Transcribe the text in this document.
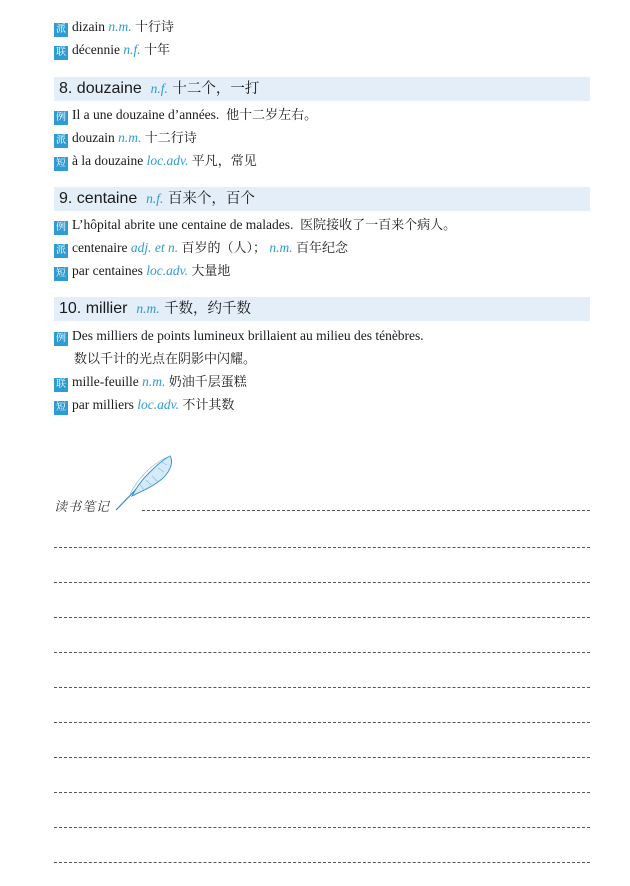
派 dizain n.m. 十行诗
联 décennie n.f. 十年
8. douzaine n.f. 十二个，一打
例 Il a une douzaine d’années. 他十二岁左右。
派 douzain n.m. 十二行诗
短 à la douzaine loc.adv. 平凡，常见
9. centaine n.f. 百来个，百个
例 L’hôpital abrite une centaine de malades. 医院接收了一百来个病人。
派 centenaire adj. et n. 百岁的（人）； n.m. 百年纪念
短 par centaines loc.adv. 大量地
10. millier n.m. 千数，约千数
例 Des milliers de points lumineux brillaient au milieu des ténèbres.
数以千计的光点在阴影中闪耀。
联 mille-feuille n.m. 奶油千层蛋糕
短 par milliers loc.adv. 不计其数
读书笔记
